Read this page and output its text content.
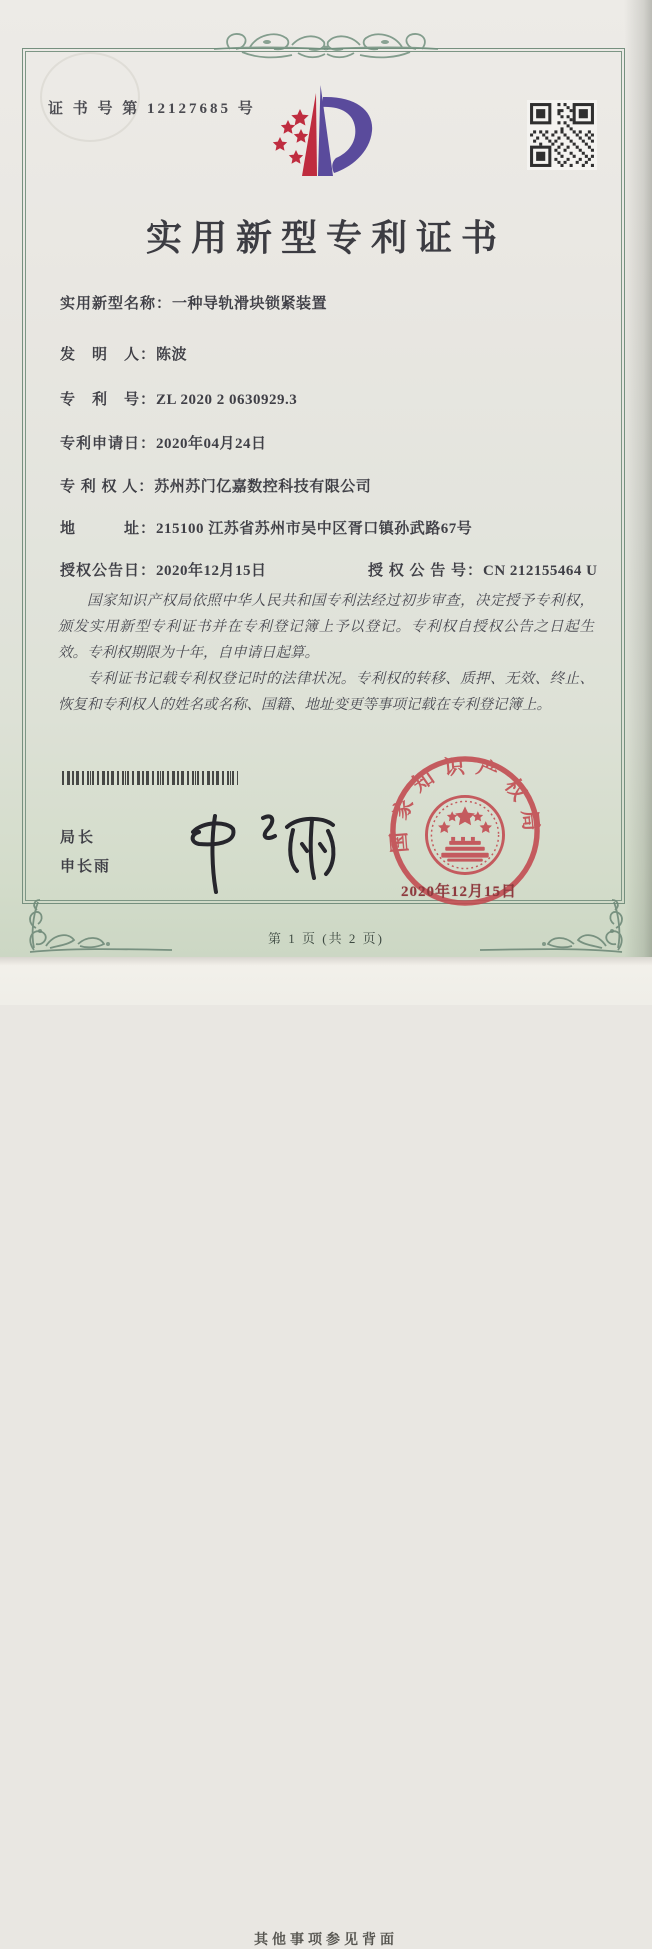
证 书 号 第 12127685 号
实用新型专利证书
实用新型名称：一种导轨滑块锁紧装置
发　明　人：陈波
专　利　号：ZL 2020 2 0630929.3
专利申请日：2020年04月24日
专 利 权 人：苏州苏门亿嘉数控科技有限公司
地　　　址：215100 江苏省苏州市吴中区胥口镇孙武路67号
授权公告日：2020年12月15日	授 权 公 告 号：CN 212155464 U

国家知识产权局依照中华人民共和国专利法经过初步审查，决定授予专利权，颁发实用新型专利证书并在专利登记簿上予以登记。专利权自授权公告之日起生效。专利权期限为十年，自申请日起算。

专利证书记载专利权登记时的法律状况。专利权的转移、质押、无效、终止、恢复和专利权人的姓名或名称、国籍、地址变更等事项记载在专利登记簿上。

局长
申长雨
国家知识产权局
2020年12月15日
第 1 页 (共 2 页)
其他事项参见背面
